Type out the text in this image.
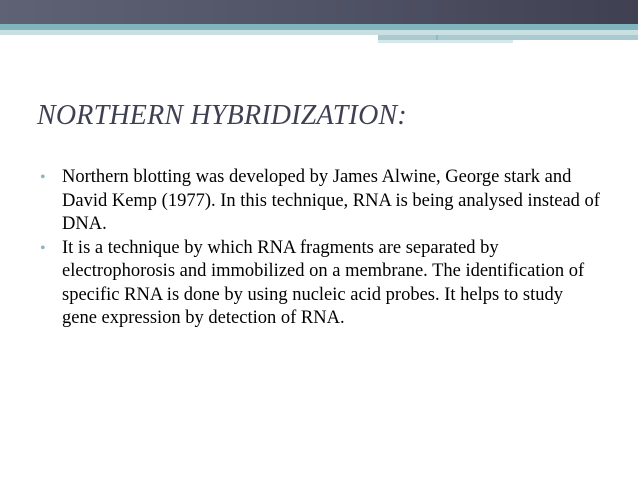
NORTHERN HYBRIDIZATION:
• Northern blotting was developed by James Alwine, George stark and David Kemp (1977). In this technique, RNA is being analysed instead of DNA.
• It is a technique by which RNA fragments are separated by electrophorosis and immobilized on a membrane. The identification of specific RNA is done by using nucleic acid probes. It helps to study gene expression by detection of RNA.
